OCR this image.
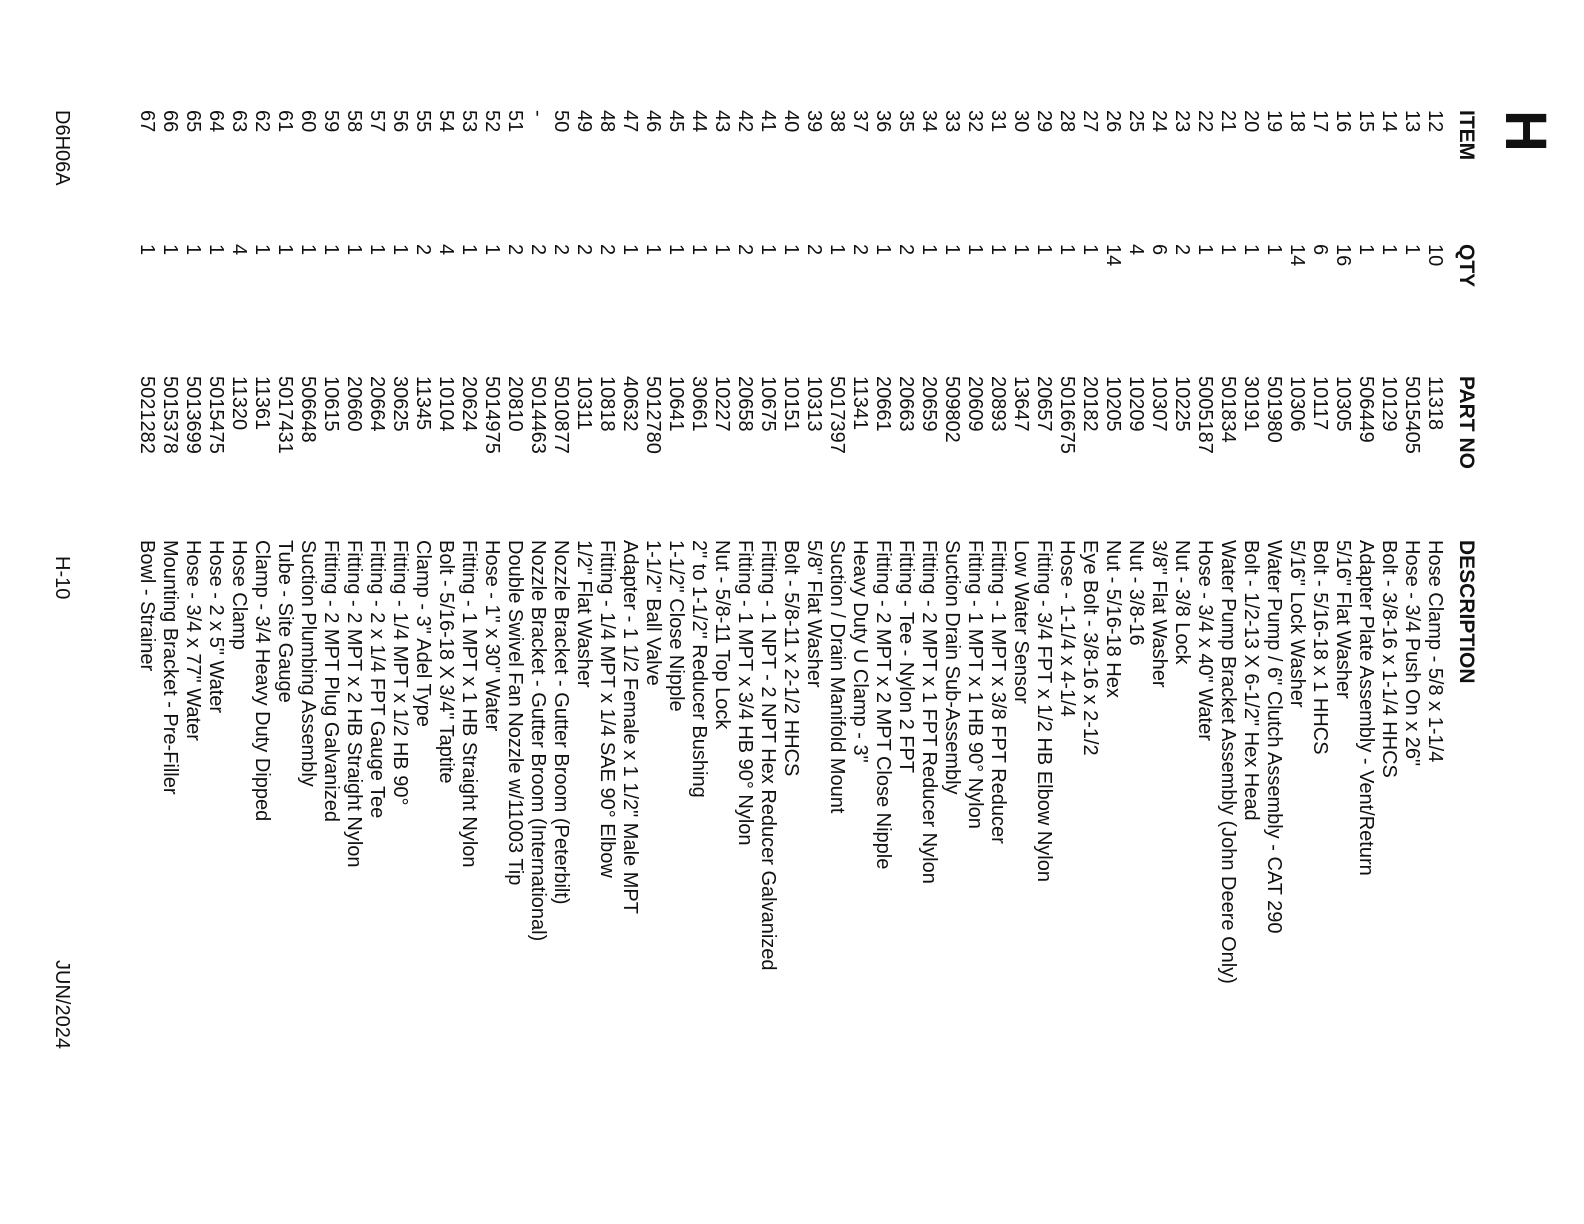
H
ITEM
QTY
PART NO
DESCRIPTION
12
10
11318
Hose Clamp - 5/8 x 1-1/4
13
1
5015405
Hose - 3/4 Push On x 26"
14
1
10129
Bolt - 3/8-16 x 1-1/4 HHCS
15
1
506449
Adapter Plate Assembly - Vent/Return
16
16
10305
5/16" Flat Washer
17
6
10117
Bolt - 5/16-18 x 1 HHCS
18
14
10306
5/16" Lock Washer
19
1
501980
Water Pump / 6" Clutch Assembly - CAT 290
20
1
30191
Bolt - 1/2-13 X 6-1/2" Hex Head
21
1
501834
Water Pump Bracket Assembly (John Deere Only)
22
1
5005187
Hose - 3/4 x 40" Water
23
2
10225
Nut - 3/8 Lock
24
6
10307
3/8" Flat Washer
25
4
10209
Nut - 3/8-16
26
14
10205
Nut - 5/16-18 Hex
27
1
20182
Eye Bolt - 3/8-16 x 2-1/2
28
1
5016675
Hose - 1-1/4 x 4-1/4
29
1
20657
Fitting - 3/4 FPT x 1/2 HB Elbow Nylon
30
1
13647
Low Water Sensor
31
1
20893
Fitting - 1 MPT x 3/8 FPT Reducer
32
1
20609
Fitting - 1 MPT x 1 HB 90° Nylon
33
1
509802
Suction Drain Sub-Assembly
34
1
20659
Fitting - 2 MPT x 1 FPT Reducer Nylon
35
2
20663
Fitting - Tee - Nylon 2 FPT
36
1
20661
Fitting - 2 MPT x 2 MPT Close Nipple
37
2
11341
Heavy Duty U Clamp - 3"
38
1
5017397
Suction / Drain Manifold Mount
39
2
10313
5/8" Flat Washer
40
1
10151
Bolt - 5/8-11 x 2-1/2 HHCS
41
1
10675
Fitting - 1 NPT - 2 NPT Hex Reducer Galvanized
42
2
20658
Fitting - 1 MPT x 3/4 HB 90° Nylon
43
1
10227
Nut - 5/8-11 Top Lock
44
1
30661
2" to 1-1/2" Reducer Bushing
45
1
10641
1-1/2" Close Nipple
46
1
5012780
1-1/2" Ball Valve
47
1
40632
Adapter - 1 1/2 Female x 1 1/2" Male MPT
48
2
10818
Fitting - 1/4 MPT x 1/4 SAE 90° Elbow
49
2
10311
1/2" Flat Washer
50
2
5010877
Nozzle Bracket - Gutter Broom (Peterbilt)
-
2
5014463
Nozzle Bracket - Gutter Broom (International)
51
2
20810
Double Swivel Fan Nozzle w/11003 Tip
52
1
5014975
Hose - 1" x 30" Water
53
1
20624
Fitting - 1 MPT x 1 HB Straight Nylon
54
4
10104
Bolt - 5/16-18 X 3/4" Taptite
55
2
11345
Clamp - 3" Adel Type
56
1
30625
Fitting - 1/4 MPT x 1/2 HB 90°
57
1
20664
Fitting - 2 x 1/4 FPT Gauge Tee
58
1
20660
Fitting - 2 MPT x 2 HB Straight Nylon
59
1
10615
Fitting - 2 MPT Plug Galvanized
60
1
506648
Suction Plumbing Assembly
61
1
5017431
Tube - Site Gauge
62
1
11361
Clamp - 3/4 Heavy Duty Dipped
63
4
11320
Hose Clamp
64
1
5015475
Hose - 2 x 5" Water
65
1
5013699
Hose - 3/4 x 77" Water
66
1
5015378
Mounting Bracket - Pre-Filler
67
1
5021282
Bowl - Strainer
D6H06A
H-10
JUN/2024
